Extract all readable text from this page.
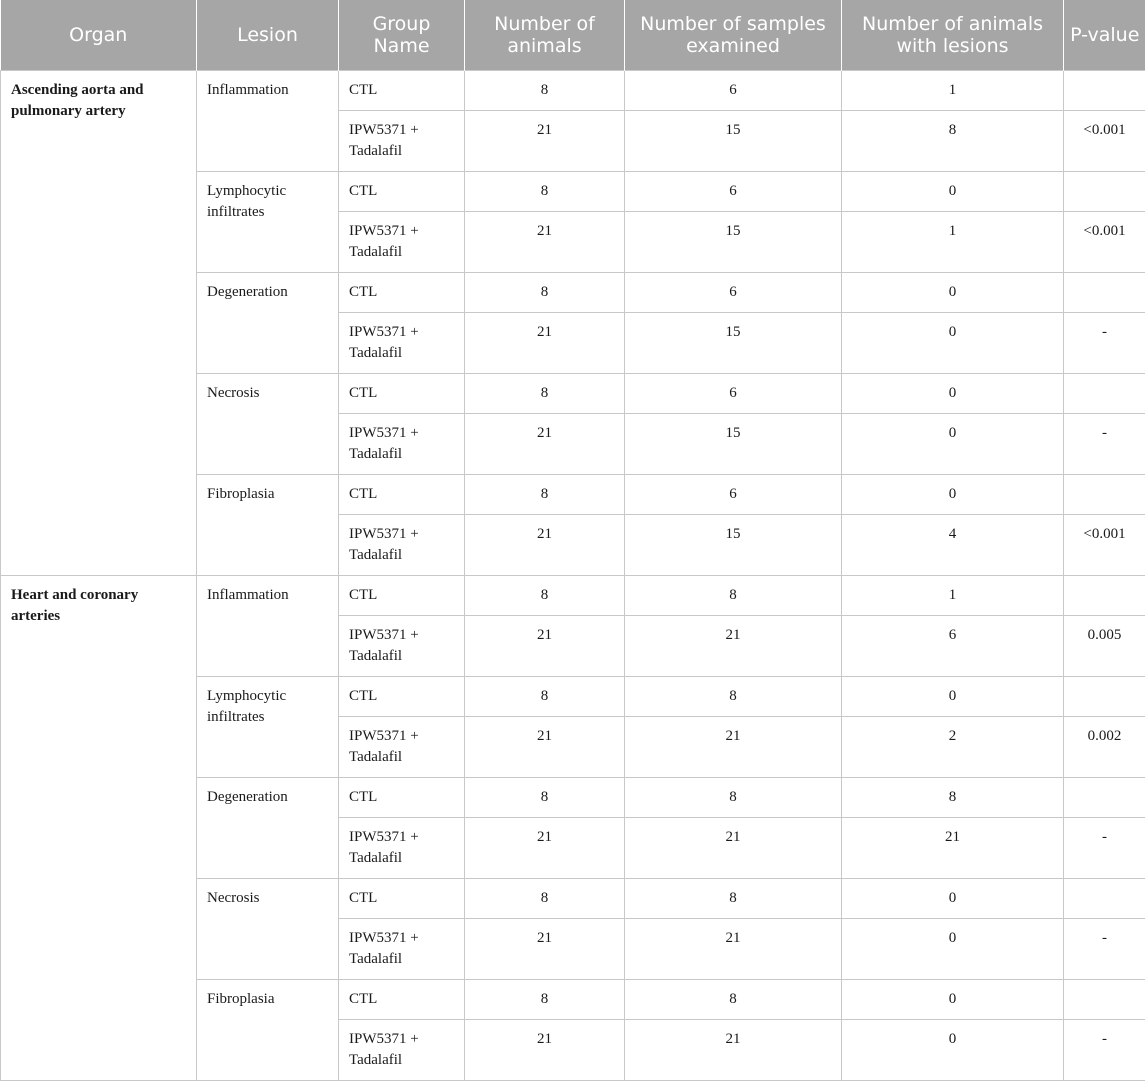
Organ	Lesion	Group Name	Number of animals	Number of samples examined	Number of animals with lesions	P-value
Ascending aorta and pulmonary artery	Inflammation	CTL	8	6	1	
		IPW5371 + Tadalafil	21	15	8	<0.001
	Lymphocytic infiltrates	CTL	8	6	0	
		IPW5371 + Tadalafil	21	15	1	<0.001
	Degeneration	CTL	8	6	0	
		IPW5371 + Tadalafil	21	15	0	-
	Necrosis	CTL	8	6	0	
		IPW5371 + Tadalafil	21	15	0	-
	Fibroplasia	CTL	8	6	0	
		IPW5371 + Tadalafil	21	15	4	<0.001
Heart and coronary arteries	Inflammation	CTL	8	8	1	
		IPW5371 + Tadalafil	21	21	6	0.005
	Lymphocytic infiltrates	CTL	8	8	0	
		IPW5371 + Tadalafil	21	21	2	0.002
	Degeneration	CTL	8	8	8	
		IPW5371 + Tadalafil	21	21	21	-
	Necrosis	CTL	8	8	0	
		IPW5371 + Tadalafil	21	21	0	-
	Fibroplasia	CTL	8	8	0	
		IPW5371 + Tadalafil	21	21	0	-
